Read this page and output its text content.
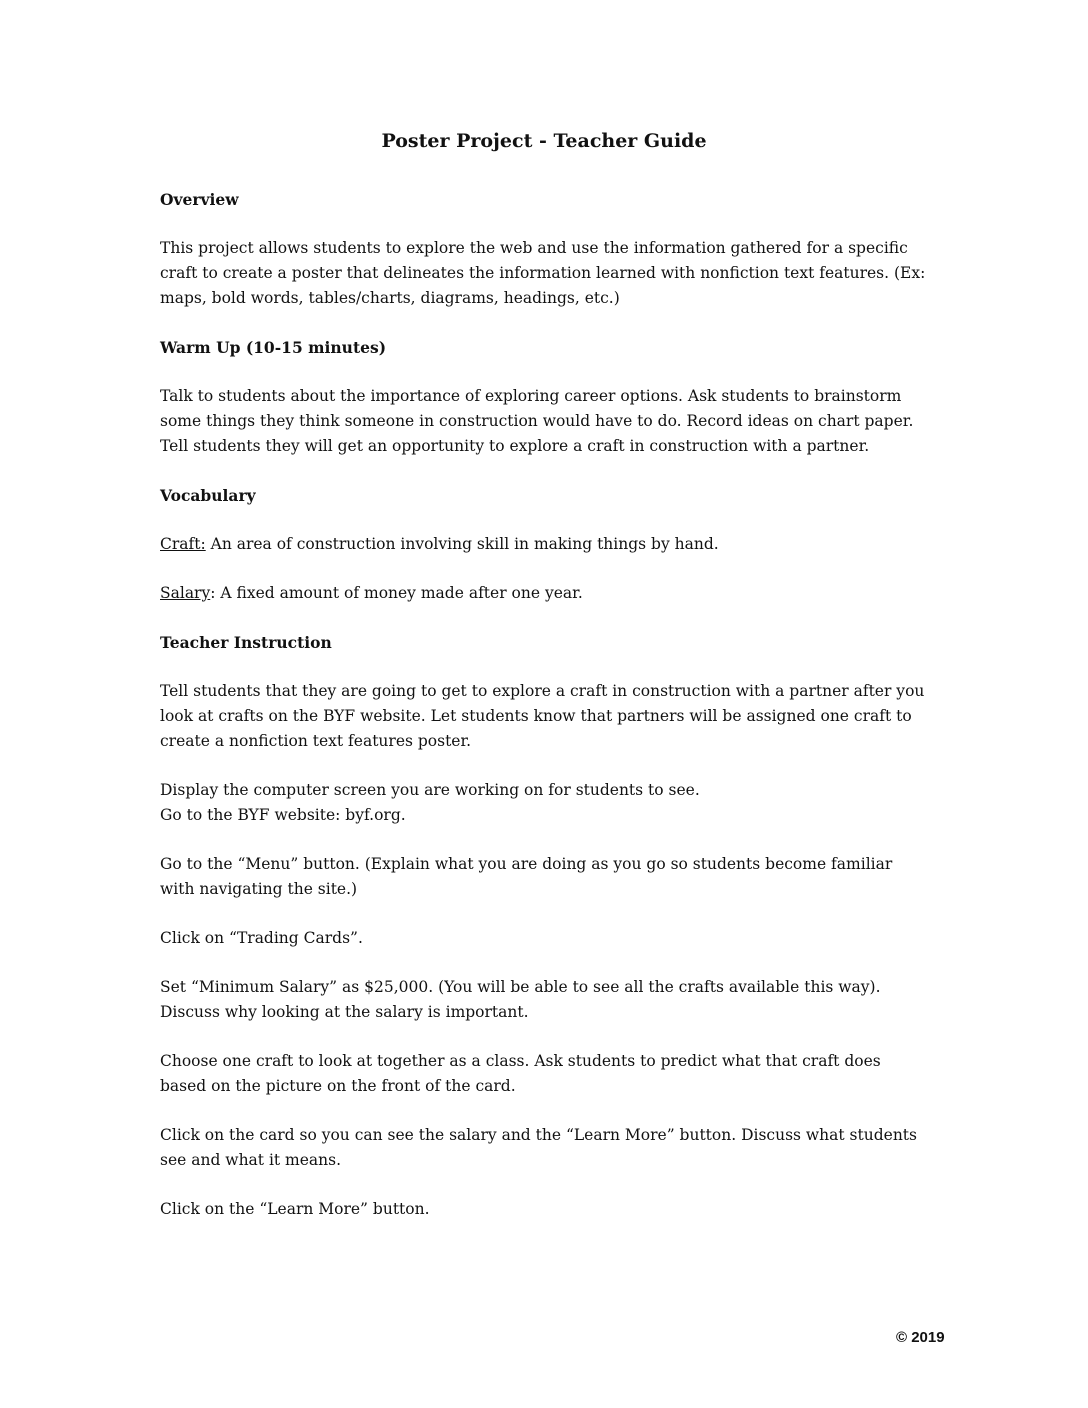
Poster Project - Teacher Guide
Overview

This project allows students to explore the web and use the information gathered for a specific craft to create a poster that delineates the information learned with nonfiction text features. (Ex: maps, bold words, tables/charts, diagrams, headings, etc.)

Warm Up (10-15 minutes)

Talk to students about the importance of exploring career options. Ask students to brainstorm some things they think someone in construction would have to do. Record ideas on chart paper. Tell students they will get an opportunity to explore a craft in construction with a partner.

Vocabulary

Craft: An area of construction involving skill in making things by hand.

Salary: A fixed amount of money made after one year.

Teacher Instruction

Tell students that they are going to get to explore a craft in construction with a partner after you look at crafts on the BYF website. Let students know that partners will be assigned one craft to create a nonfiction text features poster.

Display the computer screen you are working on for students to see.

Go to the BYF website: byf.org.

Go to the “Menu” button. (Explain what you are doing as you go so students become familiar with navigating the site.)

Click on “Trading Cards”.

Set “Minimum Salary” as $25,000. (You will be able to see all the crafts available this way). Discuss why looking at the salary is important.

Choose one craft to look at together as a class. Ask students to predict what that craft does based on the picture on the front of the card.

Click on the card so you can see the salary and the “Learn More” button. Discuss what students see and what it means.

Click on the “Learn More” button.

© 2019
